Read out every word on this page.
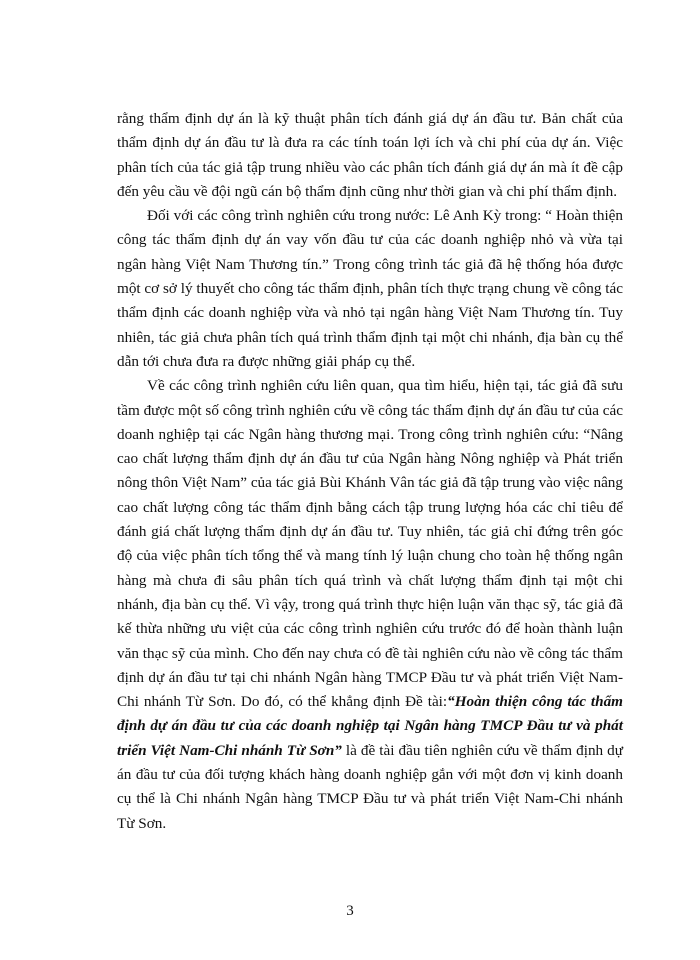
rằng thẩm định dự án là kỹ thuật phân tích đánh giá dự án đầu tư. Bản chất của thẩm định dự án đầu tư là đưa ra các tính toán lợi ích và chi phí của dự án. Việc phân tích của tác giả tập trung nhiều vào các phân tích đánh giá dự án mà ít đề cập đến yêu cầu về đội ngũ cán bộ thẩm định cũng như thời gian và chi phí thẩm định.

Đối với các công trình nghiên cứu trong nước: Lê Anh Kỳ trong: “ Hoàn thiện công tác thẩm định dự án vay vốn đầu tư của các doanh nghiệp nhỏ và vừa tại ngân hàng Việt Nam Thương tín.” Trong công trình tác giả đã hệ thống hóa được một cơ sở lý thuyết cho công tác thẩm định, phân tích thực trạng chung về công tác thẩm định các doanh nghiệp vừa và nhỏ tại ngân hàng Việt Nam Thương tín. Tuy nhiên, tác giả chưa phân tích quá trình thẩm định tại một chi nhánh, địa bàn cụ thể dẫn tới chưa đưa ra được những giải pháp cụ thể.

Về các công trình nghiên cứu liên quan, qua tìm hiểu, hiện tại, tác giả đã sưu tầm được một số công trình nghiên cứu về công tác thẩm định dự án đầu tư của các doanh nghiệp tại các Ngân hàng thương mại. Trong công trình nghiên cứu: “Nâng cao chất lượng thẩm định dự án đầu tư của Ngân hàng Nông nghiệp và Phát triển nông thôn Việt Nam” của tác giả Bùi Khánh Vân tác giả đã tập trung vào việc nâng cao chất lượng công tác thẩm định bằng cách tập trung lượng hóa các chỉ tiêu để đánh giá chất lượng thẩm định dự án đầu tư. Tuy nhiên, tác giả chỉ đứng trên góc độ của việc phân tích tổng thể và mang tính lý luận chung cho toàn hệ thống ngân hàng mà chưa đi sâu phân tích quá trình và chất lượng thẩm định tại một chi nhánh, địa bàn cụ thể. Vì vậy, trong quá trình thực hiện luận văn thạc sỹ, tác giả đã kế thừa những ưu việt của các công trình nghiên cứu trước đó để hoàn thành luận văn thạc sỹ của mình. Cho đến nay chưa có đề tài nghiên cứu nào về công tác thẩm định dự án đầu tư tại chi nhánh Ngân hàng TMCP Đầu tư và phát triển Việt Nam-Chi nhánh Từ Sơn. Do đó, có thể khẳng định Đề tài:“Hoàn thiện công tác thẩm định dự án đầu tư của các doanh nghiệp tại Ngân hàng TMCP Đầu tư và phát triển Việt Nam-Chi nhánh Từ Sơn” là đề tài đầu tiên nghiên cứu về thẩm định dự án đầu tư của đối tượng khách hàng doanh nghiệp gắn với một đơn vị kinh doanh cụ thể là Chi nhánh Ngân hàng TMCP Đầu tư và phát triển Việt Nam-Chi nhánh Từ Sơn.

3
